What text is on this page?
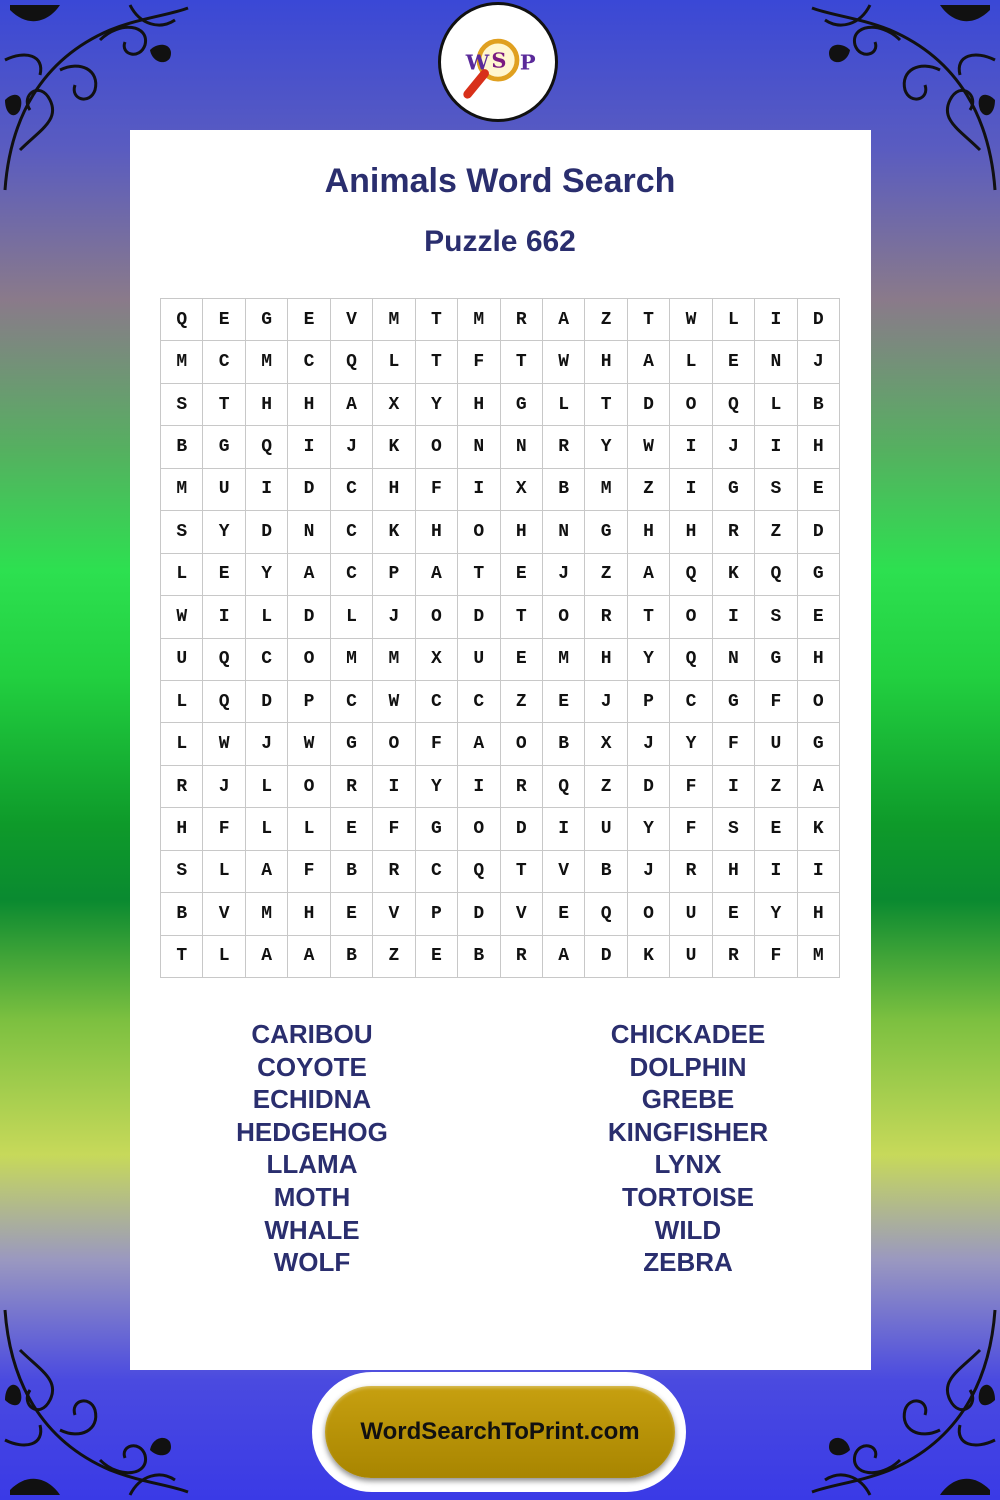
W S P
Animals Word Search
Puzzle 662
Q	E	G	E	V	M	T	M	R	A	Z	T	W	L	I	D
M	C	M	C	Q	L	T	F	T	W	H	A	L	E	N	J
S	T	H	H	A	X	Y	H	G	L	T	D	O	Q	L	B
B	G	Q	I	J	K	O	N	N	R	Y	W	I	J	I	H
M	U	I	D	C	H	F	I	X	B	M	Z	I	G	S	E
S	Y	D	N	C	K	H	O	H	N	G	H	H	R	Z	D
L	E	Y	A	C	P	A	T	E	J	Z	A	Q	K	Q	G
W	I	L	D	L	J	O	D	T	O	R	T	O	I	S	E
U	Q	C	O	M	M	X	U	E	M	H	Y	Q	N	G	H
L	Q	D	P	C	W	C	C	Z	E	J	P	C	G	F	O
L	W	J	W	G	O	F	A	O	B	X	J	Y	F	U	G
R	J	L	O	R	I	Y	I	R	Q	Z	D	F	I	Z	A
H	F	L	L	E	F	G	O	D	I	U	Y	F	S	E	K
S	L	A	F	B	R	C	Q	T	V	B	J	R	H	I	I
B	V	M	H	E	V	P	D	V	E	Q	O	U	E	Y	H
T	L	A	A	B	Z	E	B	R	A	D	K	U	R	F	M
CARIBOU
COYOTE
ECHIDNA
HEDGEHOG
LLAMA
MOTH
WHALE
WOLF
CHICKADEE
DOLPHIN
GREBE
KINGFISHER
LYNX
TORTOISE
WILD
ZEBRA
WordSearchToPrint.com
